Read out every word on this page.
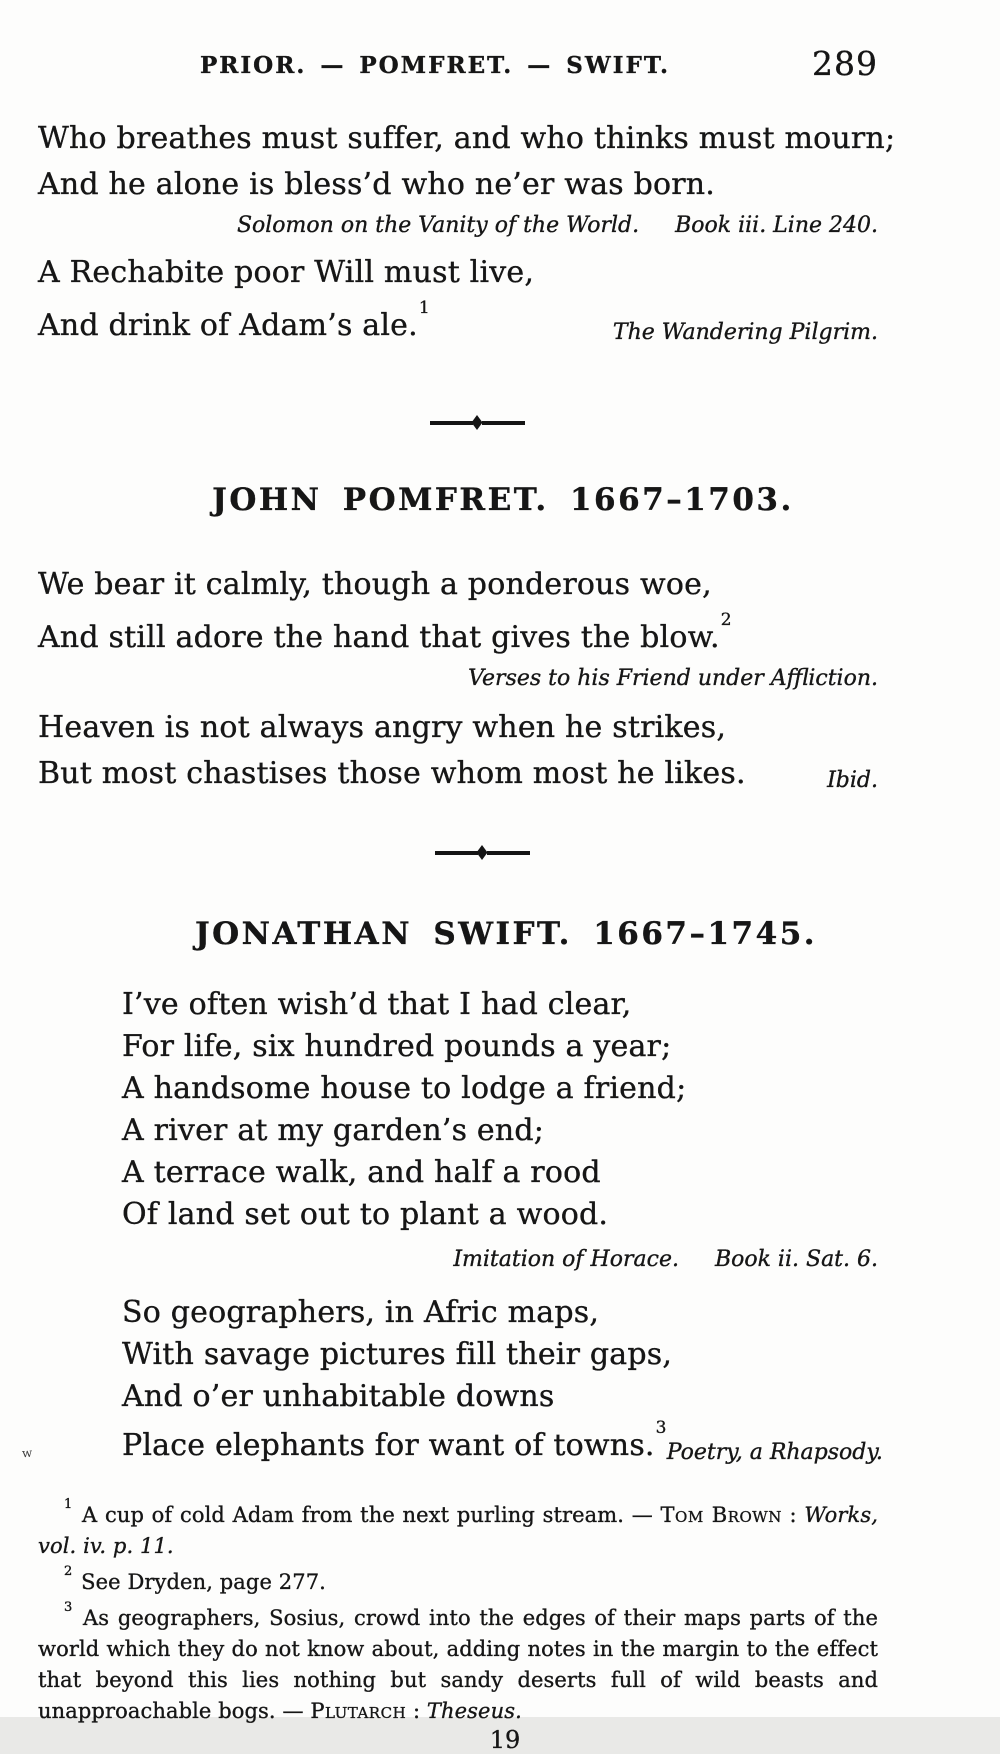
w
PRIOR. — POMFRET. — SWIFT.	289

Who breathes must suffer, and who thinks must mourn;

And he alone is bless’d who ne’er was born.

Solomon on the Vanity of the World. Book iii. Line 240.

A Rechabite poor Will must live,

And drink of Adam’s ale.$^1$

The Wandering Pilgrim.
JOHN POMFRET. 1667–1703.

We bear it calmly, though a ponderous woe,

And still adore the hand that gives the blow.$^2$

Verses to his Friend under Affliction.

Heaven is not always angry when he strikes,

But most chastises those whom most he likes.	Ibid.
JONATHAN SWIFT. 1667–1745.

I’ve often wish’d that I had clear,

For life, six hundred pounds a year;

A handsome house to lodge a friend;

A river at my garden’s end;

A terrace walk, and half a rood

Of land set out to plant a wood.

Imitation of Horace. Book ii. Sat. 6.

So geographers, in Afric maps,

With savage pictures fill their gaps,

And o’er unhabitable downs

Place elephants for want of towns.$^3$

Poetry, a Rhapsody.

$^1$ A cup of cold Adam from the next purling stream. — Tom Brown : Works, vol. iv. p. 11.

$^2$ See Dryden, page 277.

$^3$ As geographers, Sosius, crowd into the edges of their maps parts of the world which they do not know about, adding notes in the margin to the effect that beyond this lies nothing but sandy deserts full of wild beasts and unapproachable bogs. — Plutarch : Theseus.

19
